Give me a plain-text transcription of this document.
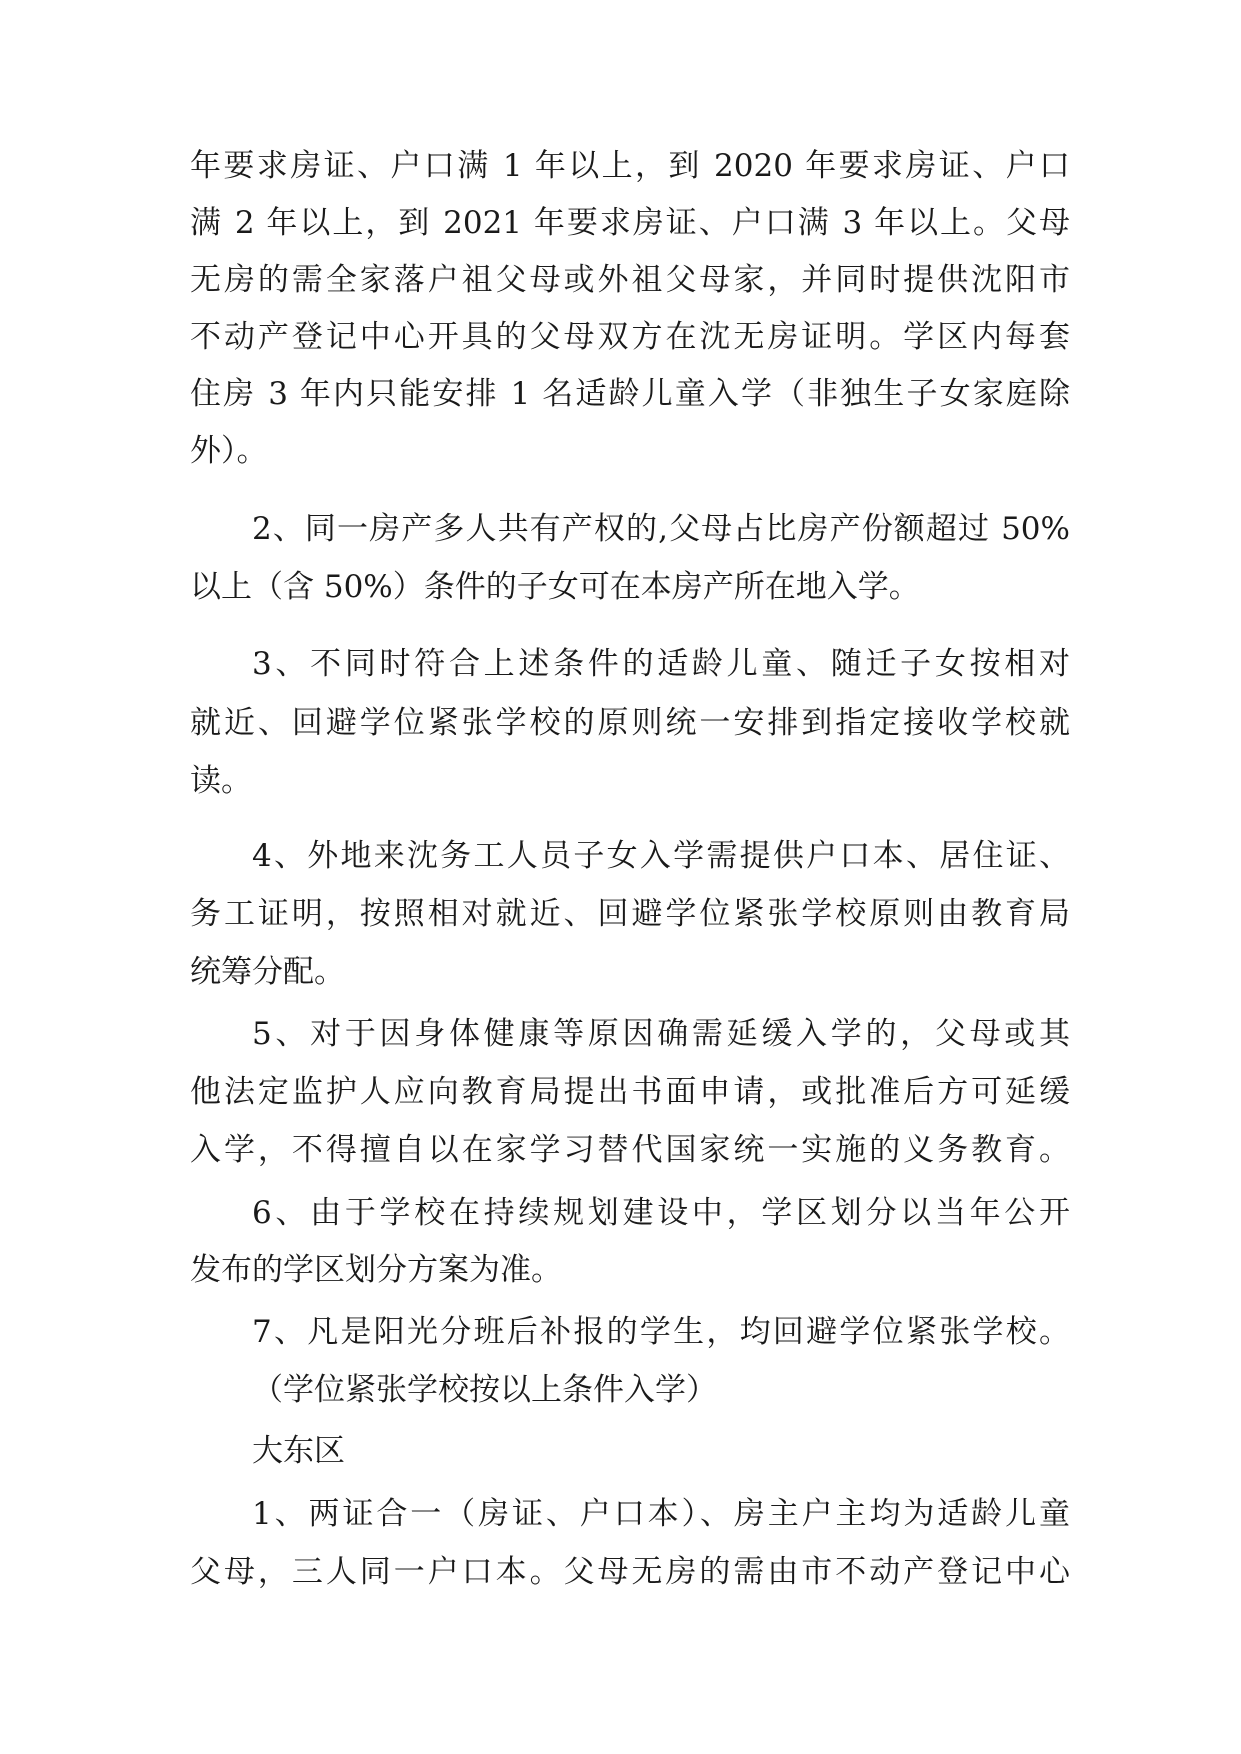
年要求房证、户口满 1 年以上，到 2020 年要求房证、户口
满 2 年以上，到 2021 年要求房证、户口满 3 年以上。父母
无房的需全家落户祖父母或外祖父母家，并同时提供沈阳市
不动产登记中心开具的父母双方在沈无房证明。学区内每套
住房 3 年内只能安排 1 名适龄儿童入学（非独生子女家庭除
外）。
2、同一房产多人共有产权的,父母占比房产份额超过 50%
以上（含 50%）条件的子女可在本房产所在地入学。
3、不同时符合上述条件的适龄儿童、随迁子女按相对
就近、回避学位紧张学校的原则统一安排到指定接收学校就
读。
4、外地来沈务工人员子女入学需提供户口本、居住证、
务工证明，按照相对就近、回避学位紧张学校原则由教育局
统筹分配。
5、对于因身体健康等原因确需延缓入学的，父母或其
他法定监护人应向教育局提出书面申请，或批准后方可延缓
入学，不得擅自以在家学习替代国家统一实施的义务教育。
6、由于学校在持续规划建设中，学区划分以当年公开
发布的学区划分方案为准。
7、凡是阳光分班后补报的学生，均回避学位紧张学校。
（学位紧张学校按以上条件入学）
大东区
1、两证合一（房证、户口本）、房主户主均为适龄儿童
父母，三人同一户口本。父母无房的需由市不动产登记中心
